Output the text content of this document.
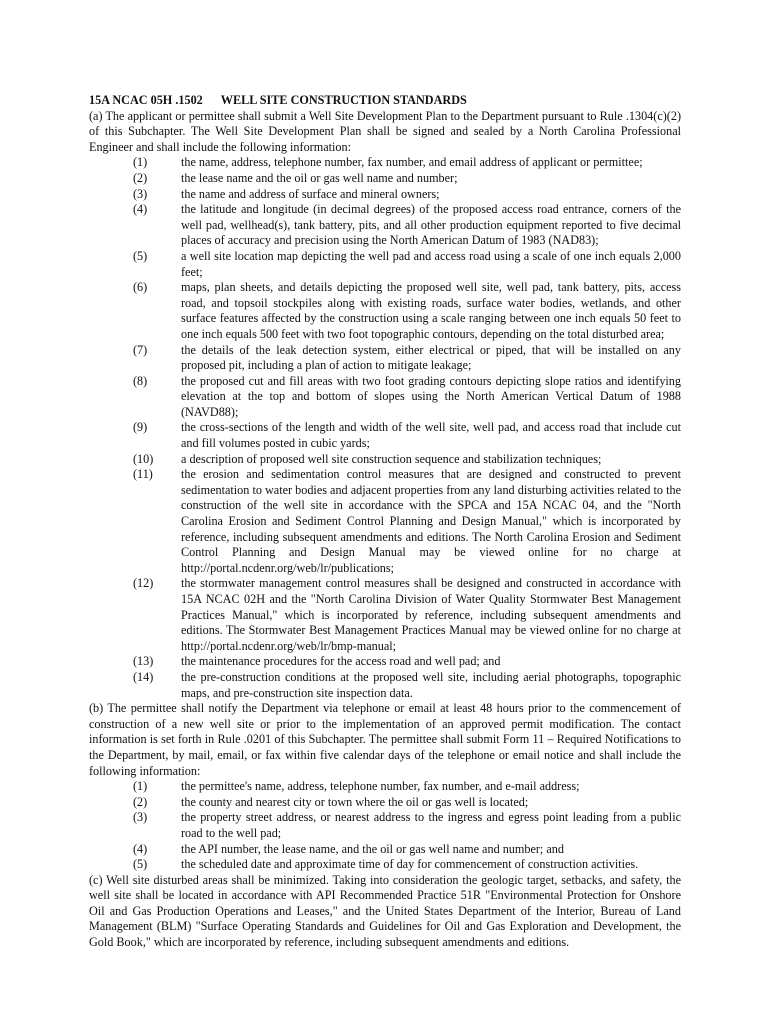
15A NCAC 05H .1502      WELL SITE CONSTRUCTION STANDARDS

(a) The applicant or permittee shall submit a Well Site Development Plan to the Department pursuant to Rule .1304(c)(2) of this Subchapter. The Well Site Development Plan shall be signed and sealed by a North Carolina Professional Engineer and shall include the following information:

(1)	the name, address, telephone number, fax number, and email address of applicant or permittee;

(2)	the lease name and the oil or gas well name and number;

(3)	the name and address of surface and mineral owners;

(4)	the latitude and longitude (in decimal degrees) of the proposed access road entrance, corners of the well pad, wellhead(s), tank battery, pits, and all other production equipment reported to five decimal places of accuracy and precision using the North American Datum of 1983 (NAD83);

(5)	a well site location map depicting the well pad and access road using a scale of one inch equals 2,000 feet;

(6)	maps, plan sheets, and details depicting the proposed well site, well pad, tank battery, pits, access road, and topsoil stockpiles along with existing roads, surface water bodies, wetlands, and other surface features affected by the construction using a scale ranging between one inch equals 50 feet to one inch equals 500 feet with two foot topographic contours, depending on the total disturbed area;

(7)	the details of the leak detection system, either electrical or piped, that will be installed on any proposed pit, including a plan of action to mitigate leakage;

(8)	the proposed cut and fill areas with two foot grading contours depicting slope ratios and identifying elevation at the top and bottom of slopes using the North American Vertical Datum of 1988 (NAVD88);

(9)	the cross-sections of the length and width of the well site, well pad, and access road that include cut and fill volumes posted in cubic yards;

(10)	a description of proposed well site construction sequence and stabilization techniques;

(11)	the erosion and sedimentation control measures that are designed and constructed to prevent sedimentation to water bodies and adjacent properties from any land disturbing activities related to the construction of the well site in accordance with the SPCA and 15A NCAC 04, and the "North Carolina Erosion and Sediment Control Planning and Design Manual," which is incorporated by reference, including subsequent amendments and editions. The North Carolina Erosion and Sediment Control Planning and Design Manual may be viewed online for no charge at http://portal.ncdenr.org/web/lr/publications;

(12)	the stormwater management control measures shall be designed and constructed in accordance with 15A NCAC 02H and the "North Carolina Division of Water Quality Stormwater Best Management Practices Manual," which is incorporated by reference, including subsequent amendments and editions. The Stormwater Best Management Practices Manual may be viewed online for no charge at http://portal.ncdenr.org/web/lr/bmp-manual;

(13)	the maintenance procedures for the access road and well pad; and

(14)	the pre-construction conditions at the proposed well site, including aerial photographs, topographic maps, and pre-construction site inspection data.

(b) The permittee shall notify the Department via telephone or email at least 48 hours prior to the commencement of construction of a new well site or prior to the implementation of an approved permit modification. The contact information is set forth in Rule .0201 of this Subchapter. The permittee shall submit Form 11 – Required Notifications to the Department, by mail, email, or fax within five calendar days of the telephone or email notice and shall include the following information:

(1)	the permittee's name, address, telephone number, fax number, and e-mail address;

(2)	the county and nearest city or town where the oil or gas well is located;

(3)	the property street address, or nearest address to the ingress and egress point leading from a public road to the well pad;

(4)	the API number, the lease name, and the oil or gas well name and number; and

(5)	the scheduled date and approximate time of day for commencement of construction activities.

(c) Well site disturbed areas shall be minimized. Taking into consideration the geologic target, setbacks, and safety, the well site shall be located in accordance with API Recommended Practice 51R "Environmental Protection for Onshore Oil and Gas Production Operations and Leases," and the United States Department of the Interior, Bureau of Land Management (BLM) "Surface Operating Standards and Guidelines for Oil and Gas Exploration and Development, the Gold Book," which are incorporated by reference, including subsequent amendments and editions.
